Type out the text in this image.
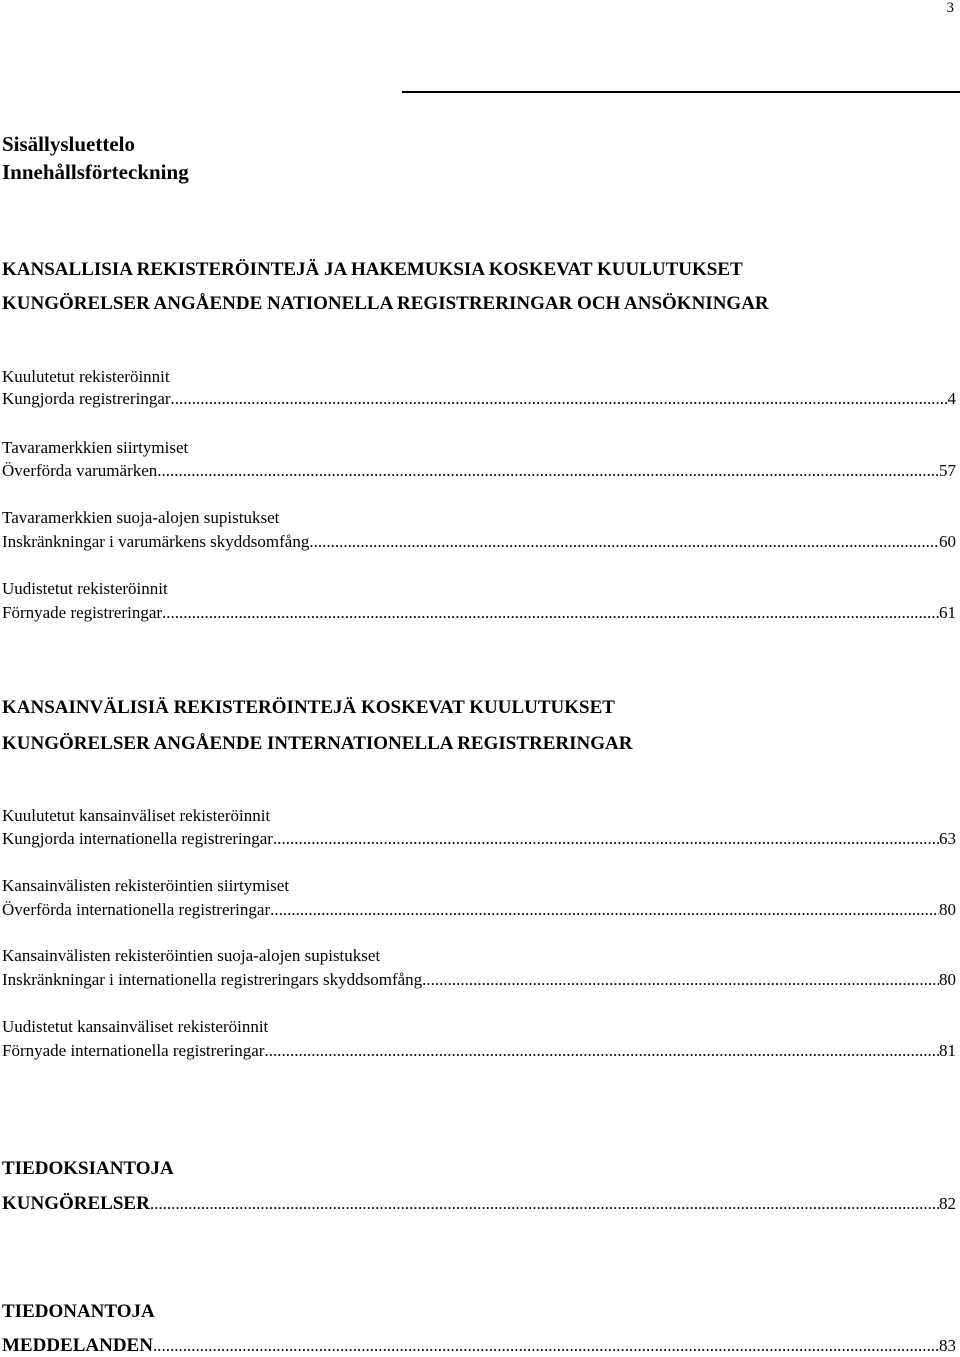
3
Sisällysluettelo
Innehållsförteckning
KANSALLISIA REKISTERÖINTEJÄ JA HAKEMUKSIA KOSKEVAT KUULUTUKSET
KUNGÖRELSER ANGÅENDE NATIONELLA REGISTRERINGAR OCH ANSÖKNINGAR
Kuulutetut rekisteröinnit
Kungjorda registreringar .....	4
Tavaramerkkien siirtymiset
Överförda varumärken .....	57
Tavaramerkkien suoja-alojen supistukset
Inskränkningar i varumärkens skyddsomfång .....	60
Uudistetut rekisteröinnit
Förnyade registreringar .....	61
KANSAINVÄLISIÄ REKISTERÖINTEJÄ KOSKEVAT KUULUTUKSET
KUNGÖRELSER ANGÅENDE INTERNATIONELLA REGISTRERINGAR
Kuulutetut kansainväliset rekisteröinnit
Kungjorda internationella registreringar .....	63
Kansainvälisten rekisteröintien siirtymiset
Överförda internationella registreringar .....	80
Kansainvälisten rekisteröintien suoja-alojen supistukset
Inskränkningar i internationella registreringars skyddsomfång .....	80
Uudistetut kansainväliset rekisteröinnit
Förnyade internationella registreringar .....	81
TIEDOKSIANTOJA
KUNGÖRELSER .....	82
TIEDONANTOJA
MEDDELANDEN .....	83
